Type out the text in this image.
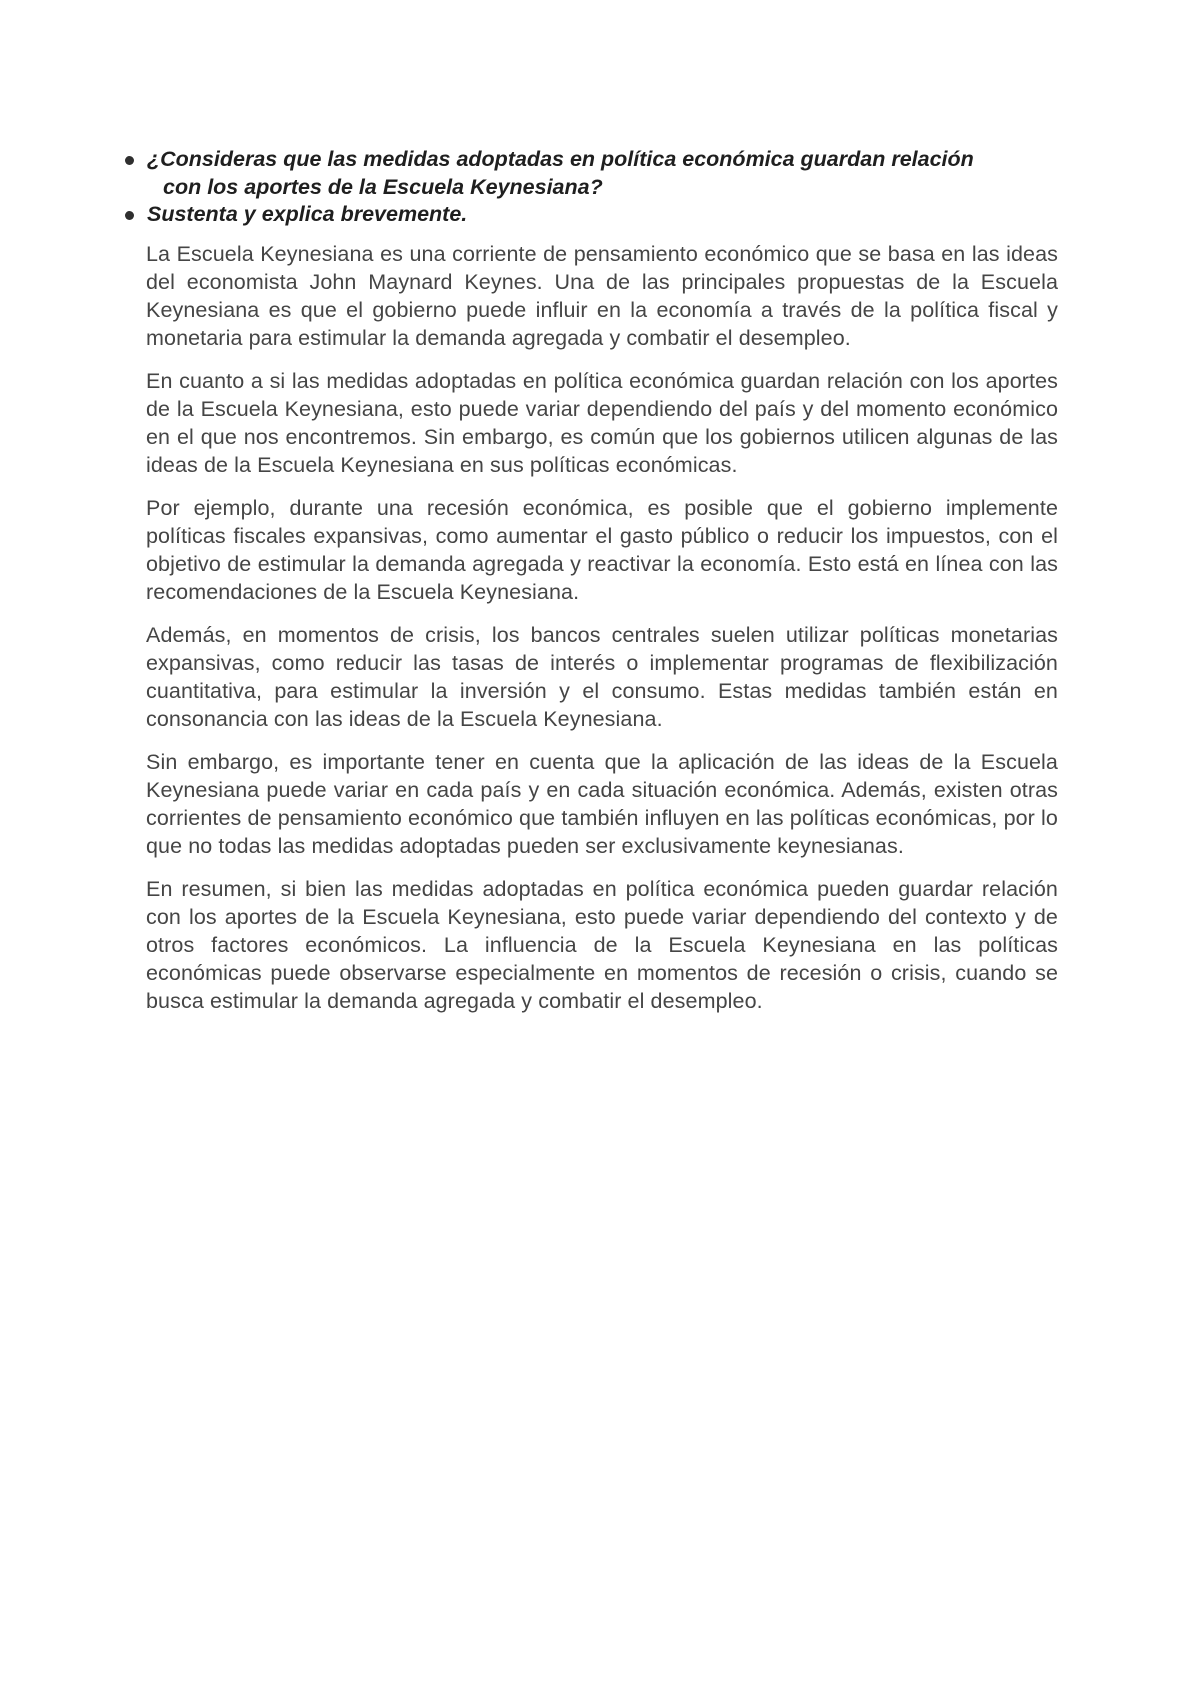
¿Consideras que las medidas adoptadas en política económica guardan relación con los aportes de la Escuela Keynesiana?
Sustenta y explica brevemente.

La Escuela Keynesiana es una corriente de pensamiento económico que se basa en las ideas del economista John Maynard Keynes. Una de las principales propuestas de la Escuela Keynesiana es que el gobierno puede influir en la economía a través de la política fiscal y monetaria para estimular la demanda agregada y combatir el desempleo.

En cuanto a si las medidas adoptadas en política económica guardan relación con los aportes de la Escuela Keynesiana, esto puede variar dependiendo del país y del momento económico en el que nos encontremos. Sin embargo, es común que los gobiernos utilicen algunas de las ideas de la Escuela Keynesiana en sus políticas económicas.

Por ejemplo, durante una recesión económica, es posible que el gobierno implemente políticas fiscales expansivas, como aumentar el gasto público o reducir los impuestos, con el objetivo de estimular la demanda agregada y reactivar la economía. Esto está en línea con las recomendaciones de la Escuela Keynesiana.

Además, en momentos de crisis, los bancos centrales suelen utilizar políticas monetarias expansivas, como reducir las tasas de interés o implementar programas de flexibilización cuantitativa, para estimular la inversión y el consumo. Estas medidas también están en consonancia con las ideas de la Escuela Keynesiana.

Sin embargo, es importante tener en cuenta que la aplicación de las ideas de la Escuela Keynesiana puede variar en cada país y en cada situación económica. Además, existen otras corrientes de pensamiento económico que también influyen en las políticas económicas, por lo que no todas las medidas adoptadas pueden ser exclusivamente keynesianas.

En resumen, si bien las medidas adoptadas en política económica pueden guardar relación con los aportes de la Escuela Keynesiana, esto puede variar dependiendo del contexto y de otros factores económicos. La influencia de la Escuela Keynesiana en las políticas económicas puede observarse especialmente en momentos de recesión o crisis, cuando se busca estimular la demanda agregada y combatir el desempleo.
